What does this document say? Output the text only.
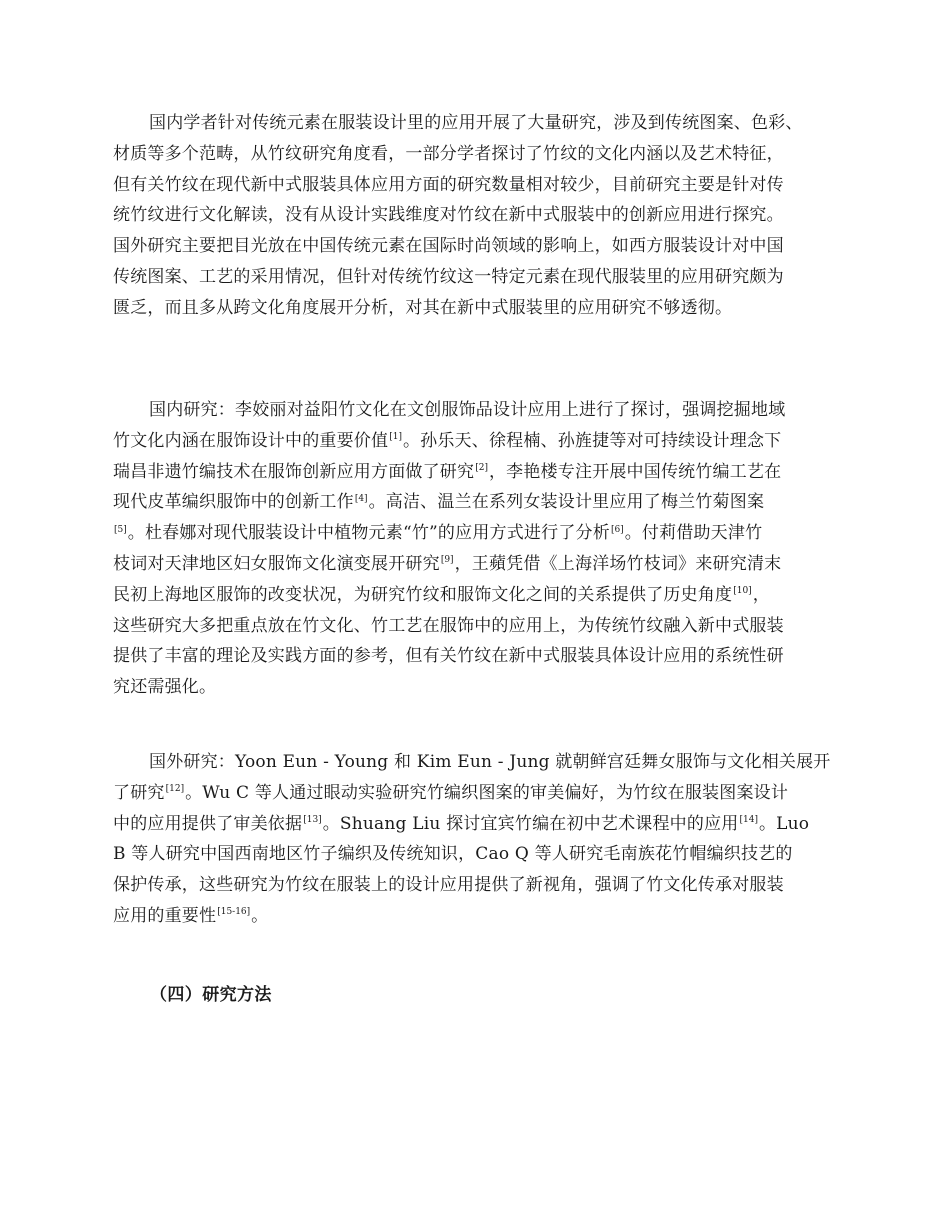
国内学者针对传统元素在服装设计里的应用开展了大量研究，涉及到传统图案、色彩、
材质等多个范畴，从竹纹研究角度看，一部分学者探讨了竹纹的文化内涵以及艺术特征，
但有关竹纹在现代新中式服装具体应用方面的研究数量相对较少，目前研究主要是针对传
统竹纹进行文化解读，没有从设计实践维度对竹纹在新中式服装中的创新应用进行探究。
国外研究主要把目光放在中国传统元素在国际时尚领域的影响上，如西方服装设计对中国
传统图案、工艺的采用情况，但针对传统竹纹这一特定元素在现代服装里的应用研究颇为
匮乏，而且多从跨文化角度展开分析，对其在新中式服装里的应用研究不够透彻。
国内研究：李姣丽对益阳竹文化在文创服饰品设计应用上进行了探讨，强调挖掘地域
竹文化内涵在服饰设计中的重要价值[1]。孙乐天、徐程楠、孙旌捷等对可持续设计理念下
瑞昌非遗竹编技术在服饰创新应用方面做了研究[2]，李艳楼专注开展中国传统竹编工艺在
现代皮革编织服饰中的创新工作[4]。高洁、温兰在系列女装设计里应用了梅兰竹菊图案
[5]。杜春娜对现代服装设计中植物元素“竹”的应用方式进行了分析[6]。付莉借助天津竹
枝词对天津地区妇女服饰文化演变展开研究[9]，王蘋凭借《上海洋场竹枝词》来研究清末
民初上海地区服饰的改变状况，为研究竹纹和服饰文化之间的关系提供了历史角度[10]，
这些研究大多把重点放在竹文化、竹工艺在服饰中的应用上，为传统竹纹融入新中式服装
提供了丰富的理论及实践方面的参考，但有关竹纹在新中式服装具体设计应用的系统性研
究还需强化。
国外研究：Yoon Eun - Young 和 Kim Eun - Jung 就朝鲜宫廷舞女服饰与文化相关展开
了研究[12]。Wu C 等人通过眼动实验研究竹编织图案的审美偏好，为竹纹在服装图案设计
中的应用提供了审美依据[13]。Shuang Liu 探讨宜宾竹编在初中艺术课程中的应用[14]。Luo
B 等人研究中国西南地区竹子编织及传统知识，Cao Q 等人研究毛南族花竹帽编织技艺的
保护传承，这些研究为竹纹在服装上的设计应用提供了新视角，强调了竹文化传承对服装
应用的重要性[15-16]。
（四）研究方法
